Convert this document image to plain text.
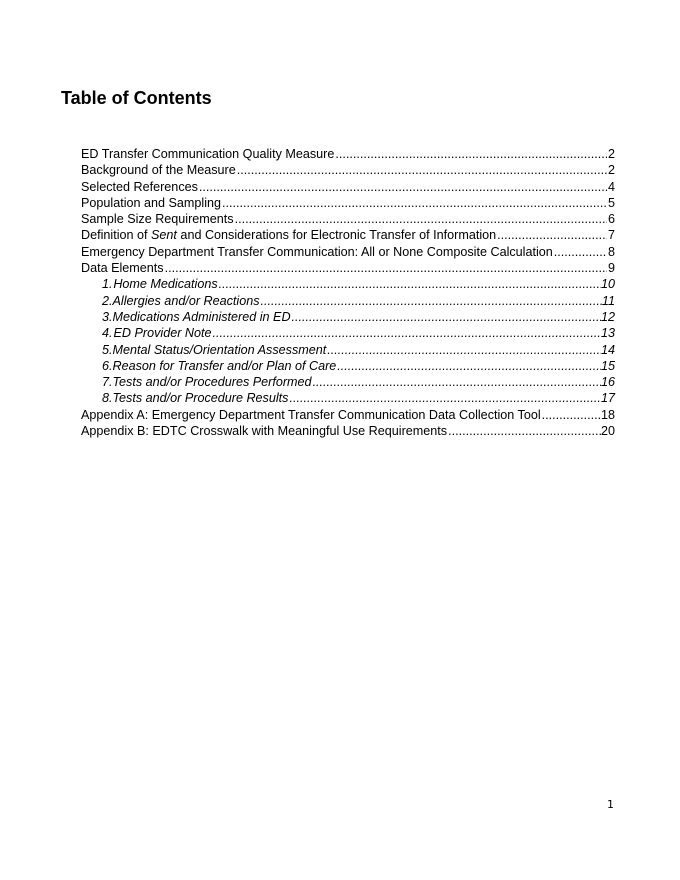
Table of Contents
ED Transfer Communication Quality Measure .....	2
Background of the Measure .....	2
Selected References .....	4
Population and Sampling .....	5
Sample Size Requirements .....	6
Definition of Sent and Considerations for Electronic Transfer of Information .....	7
Emergency Department Transfer Communication: All or None Composite Calculation .....	8
Data Elements .....	9
1. Home Medications .....	10
2. Allergies and/or Reactions .....	11
3. Medications Administered in ED .....	12
4. ED Provider Note .....	13
5. Mental Status/Orientation Assessment .....	14
6. Reason for Transfer and/or Plan of Care .....	15
7. Tests and/or Procedures Performed .....	16
8. Tests and/or Procedure Results .....	17
Appendix A: Emergency Department Transfer Communication Data Collection Tool .....	18
Appendix B: EDTC Crosswalk with Meaningful Use Requirements .....	20
1
